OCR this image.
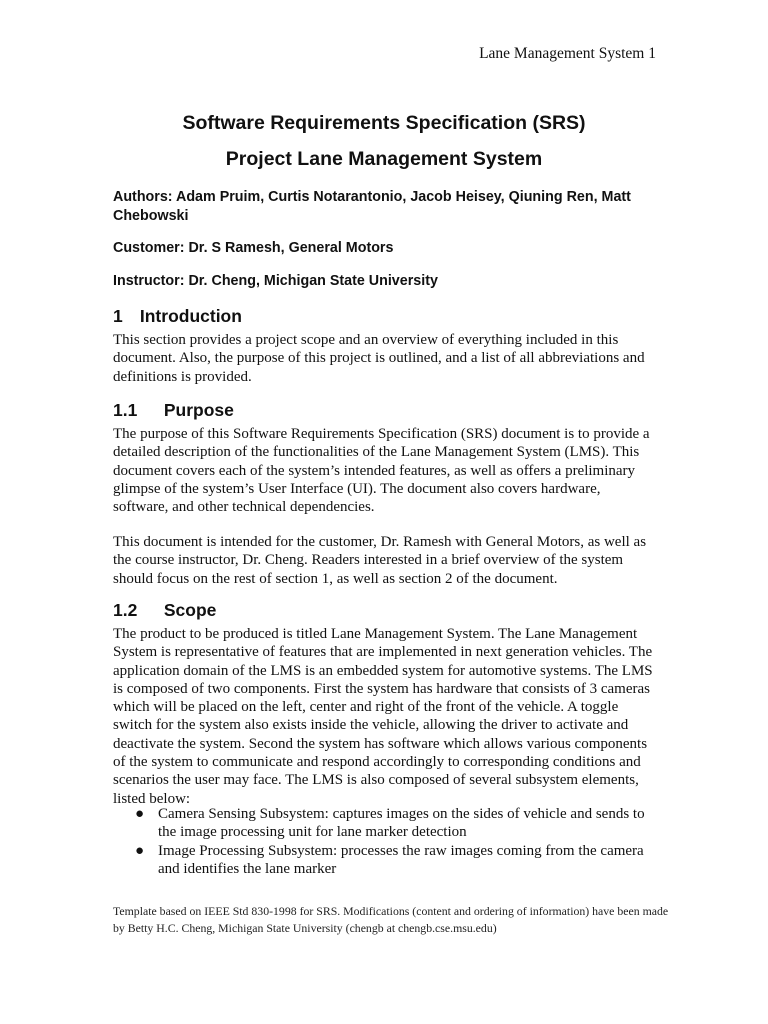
Lane Management System 1
Software Requirements Specification (SRS)
Project Lane Management System
Authors: Adam Pruim, Curtis Notarantonio, Jacob Heisey, Qiuning Ren, Matt Chebowski
Customer: Dr. S Ramesh, General Motors
Instructor: Dr. Cheng, Michigan State University
1 Introduction
This section provides a project scope and an overview of everything included in this document. Also, the purpose of this project is outlined, and a list of all abbreviations and definitions is provided.
1.1 Purpose
The purpose of this Software Requirements Specification (SRS) document is to provide a detailed description of the functionalities of the Lane Management System (LMS). This document covers each of the system’s intended features, as well as offers a preliminary glimpse of the system’s User Interface (UI). The document also covers hardware, software, and other technical dependencies.
This document is intended for the customer, Dr. Ramesh with General Motors, as well as the course instructor, Dr. Cheng. Readers interested in a brief overview of the system should focus on the rest of section 1, as well as section 2 of the document.
1.2 Scope
The product to be produced is titled Lane Management System. The Lane Management System is representative of features that are implemented in next generation vehicles. The application domain of the LMS is an embedded system for automotive systems. The LMS is composed of two components. First the system has hardware that consists of 3 cameras which will be placed on the left, center and right of the front of the vehicle. A toggle switch for the system also exists inside the vehicle, allowing the driver to activate and deactivate the system. Second the system has software which allows various components of the system to communicate and respond accordingly to corresponding conditions and scenarios the user may face. The LMS is also composed of several subsystem elements, listed below:
● Camera Sensing Subsystem: captures images on the sides of vehicle and sends to the image processing unit for lane marker detection
● Image Processing Subsystem: processes the raw images coming from the camera and identifies the lane marker
Template based on IEEE Std 830-1998 for SRS. Modifications (content and ordering of information) have been made by Betty H.C. Cheng, Michigan State University (chengb at chengb.cse.msu.edu)
